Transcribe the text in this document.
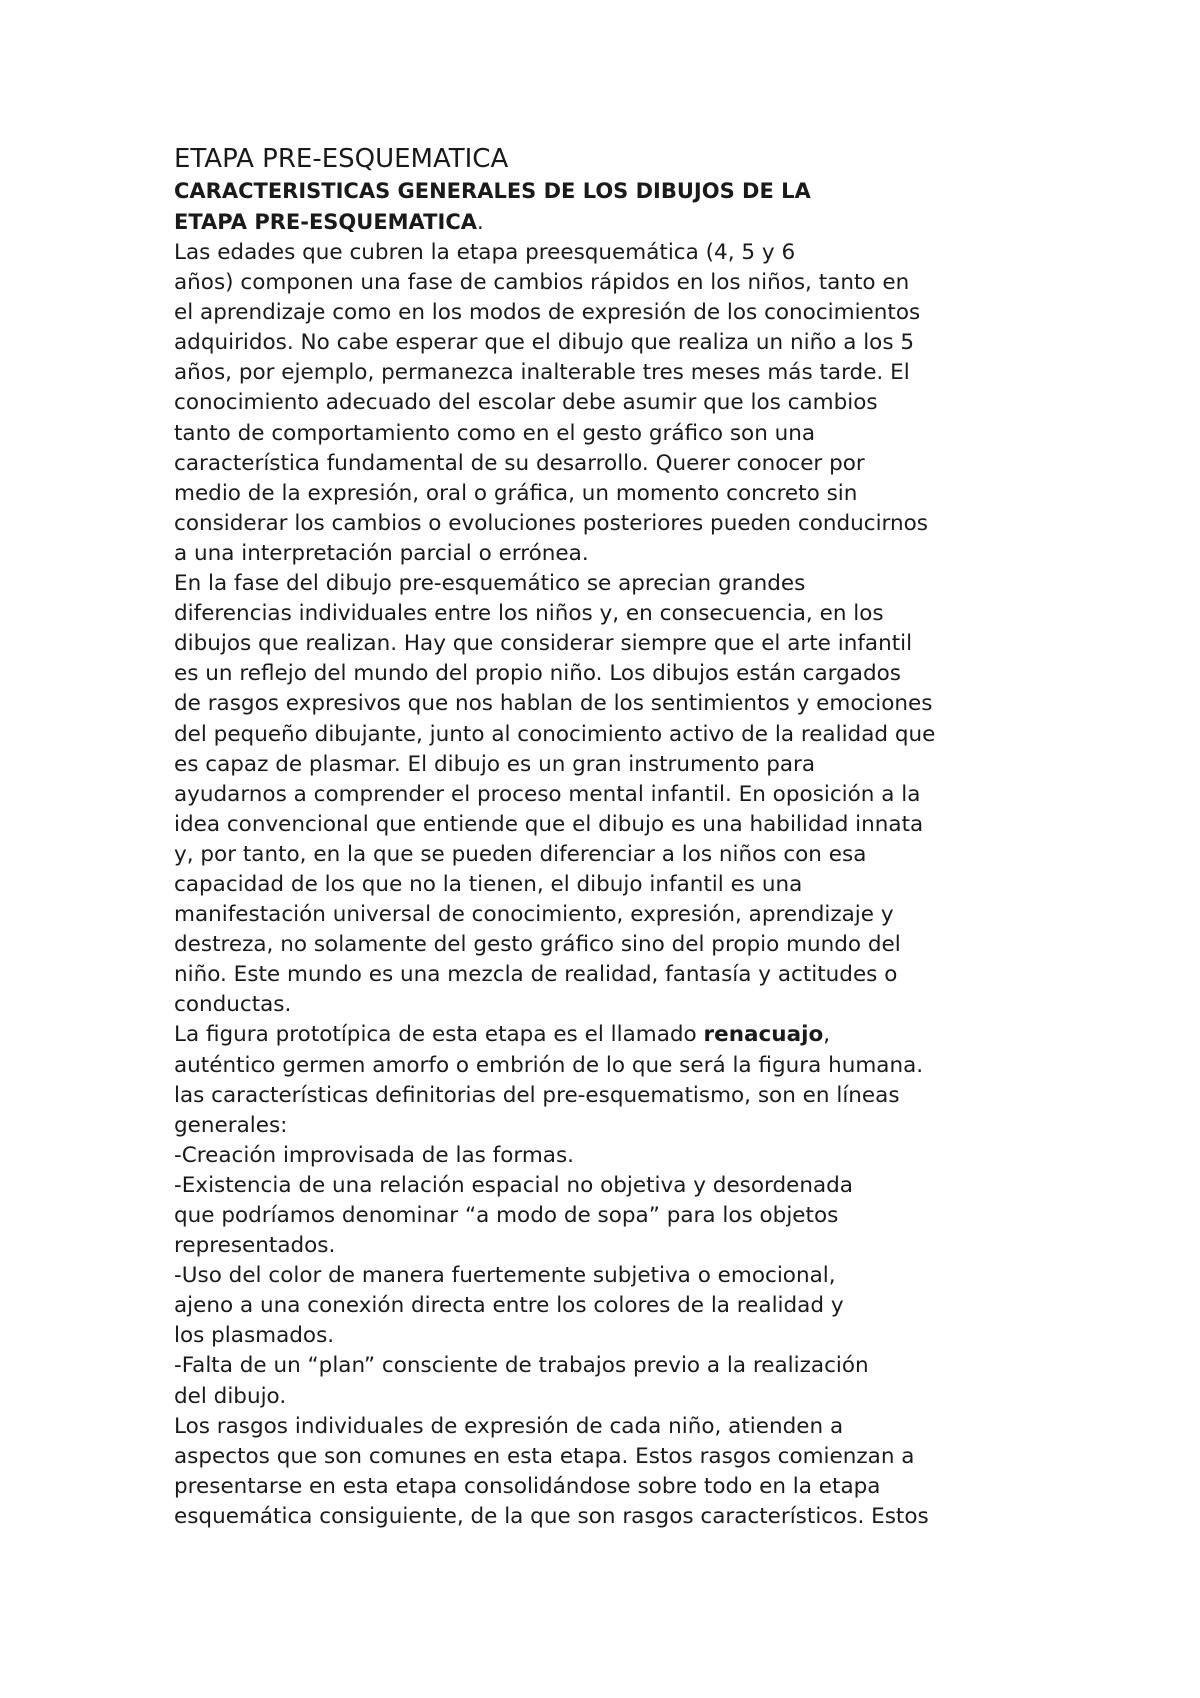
ETAPA PRE-ESQUEMATICA
CARACTERISTICAS GENERALES DE LOS DIBUJOS DE LA
ETAPA PRE-ESQUEMATICA.
Las edades que cubren la etapa preesquemática (4, 5 y 6
años) componen una fase de cambios rápidos en los niños, tanto en
el aprendizaje como en los modos de expresión de los conocimientos
adquiridos. No cabe esperar que el dibujo que realiza un niño a los 5
años, por ejemplo, permanezca inalterable tres meses más tarde. El
conocimiento adecuado del escolar debe asumir que los cambios
tanto de comportamiento como en el gesto gráfico son una
característica fundamental de su desarrollo. Querer conocer por
medio de la expresión, oral o gráfica, un momento concreto sin
considerar los cambios o evoluciones posteriores pueden conducirnos
a una interpretación parcial o errónea.
En la fase del dibujo pre-esquemático se aprecian grandes
diferencias individuales entre los niños y, en consecuencia, en los
dibujos que realizan. Hay que considerar siempre que el arte infantil
es un reflejo del mundo del propio niño. Los dibujos están cargados
de rasgos expresivos que nos hablan de los sentimientos y emociones
del pequeño dibujante, junto al conocimiento activo de la realidad que
es capaz de plasmar. El dibujo es un gran instrumento para
ayudarnos a comprender el proceso mental infantil. En oposición a la
idea convencional que entiende que el dibujo es una habilidad innata
y, por tanto, en la que se pueden diferenciar a los niños con esa
capacidad de los que no la tienen, el dibujo infantil es una
manifestación universal de conocimiento, expresión, aprendizaje y
destreza, no solamente del gesto gráfico sino del propio mundo del
niño. Este mundo es una mezcla de realidad, fantasía y actitudes o
conductas.
La figura prototípica de esta etapa es el llamado renacuajo,
auténtico germen amorfo o embrión de lo que será la figura humana.
las características definitorias del pre-esquematismo, son en líneas
generales:
-Creación improvisada de las formas.
-Existencia de una relación espacial no objetiva y desordenada
que podríamos denominar “a modo de sopa” para los objetos
representados.
-Uso del color de manera fuertemente subjetiva o emocional,
ajeno a una conexión directa entre los colores de la realidad y
los plasmados.
-Falta de un “plan” consciente de trabajos previo a la realización
del dibujo.
Los rasgos individuales de expresión de cada niño, atienden a
aspectos que son comunes en esta etapa. Estos rasgos comienzan a
presentarse en esta etapa consolidándose sobre todo en la etapa
esquemática consiguiente, de la que son rasgos característicos. Estos
